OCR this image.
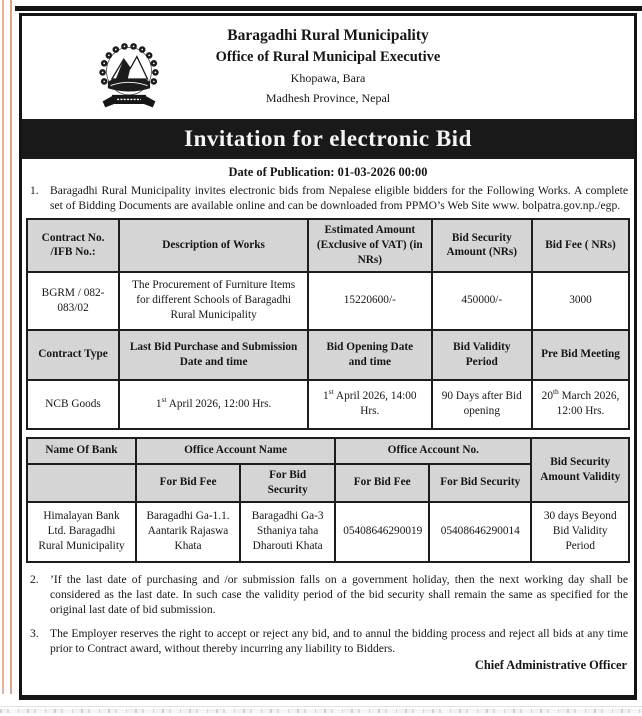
Baragadhi Rural Municipality
Office of Rural Municipal Executive
Khopawa, Bara
Madhesh Province, Nepal
Invitation for electronic Bid
Date of Publication: 01-03-2026 00:00
1. Baragadhi Rural Municipality invites electronic bids from Nepalese eligible bidders for the Following Works. A complete set of Bidding Documents are available online and can be downloaded from PPMO’s Web Site www. bolpatra.gov.np./egp.
Contract No. /IFB No.:	Description of Works	Estimated Amount (Exclusive of VAT) (in NRs)	Bid Security Amount (NRs)	Bid Fee ( NRs)
BGRM / 082-083/02	The Procurement of Furniture Items for different Schools of Baragadhi Rural Municipality	15220600/-	450000/-	3000
Contract Type	Last Bid Purchase and Submission Date and time	Bid Opening Date and time	Bid Validity Period	Pre Bid Meeting
NCB Goods	1st April 2026, 12:00 Hrs.	1st April 2026, 14:00 Hrs.	90 Days after Bid opening	20th March 2026, 12:00 Hrs.
Name Of Bank	Office Account Name		Office Account No.		Bid Security Amount Validity
	For Bid Fee	For Bid Security	For Bid Fee	For Bid Security	
Himalayan Bank Ltd. Baragadhi Rural Municipality	Baragadhi Ga-1.1. Aantarik Rajaswa Khata	Baragadhi Ga-3 Sthaniya taha Dharouti Khata	05408646290019	05408646290014	30 days Beyond Bid Validity Period
2. ’If the last date of purchasing and /or submission falls on a government holiday, then the next working day shall be considered as the last date. In such case the validity period of the bid security shall remain the same as specified for the original last date of bid submission.
3. The Employer reserves the right to accept or reject any bid, and to annul the bidding process and reject all bids at any time prior to Contract award, without thereby incurring any liability to Bidders.
Chief Administrative Officer
